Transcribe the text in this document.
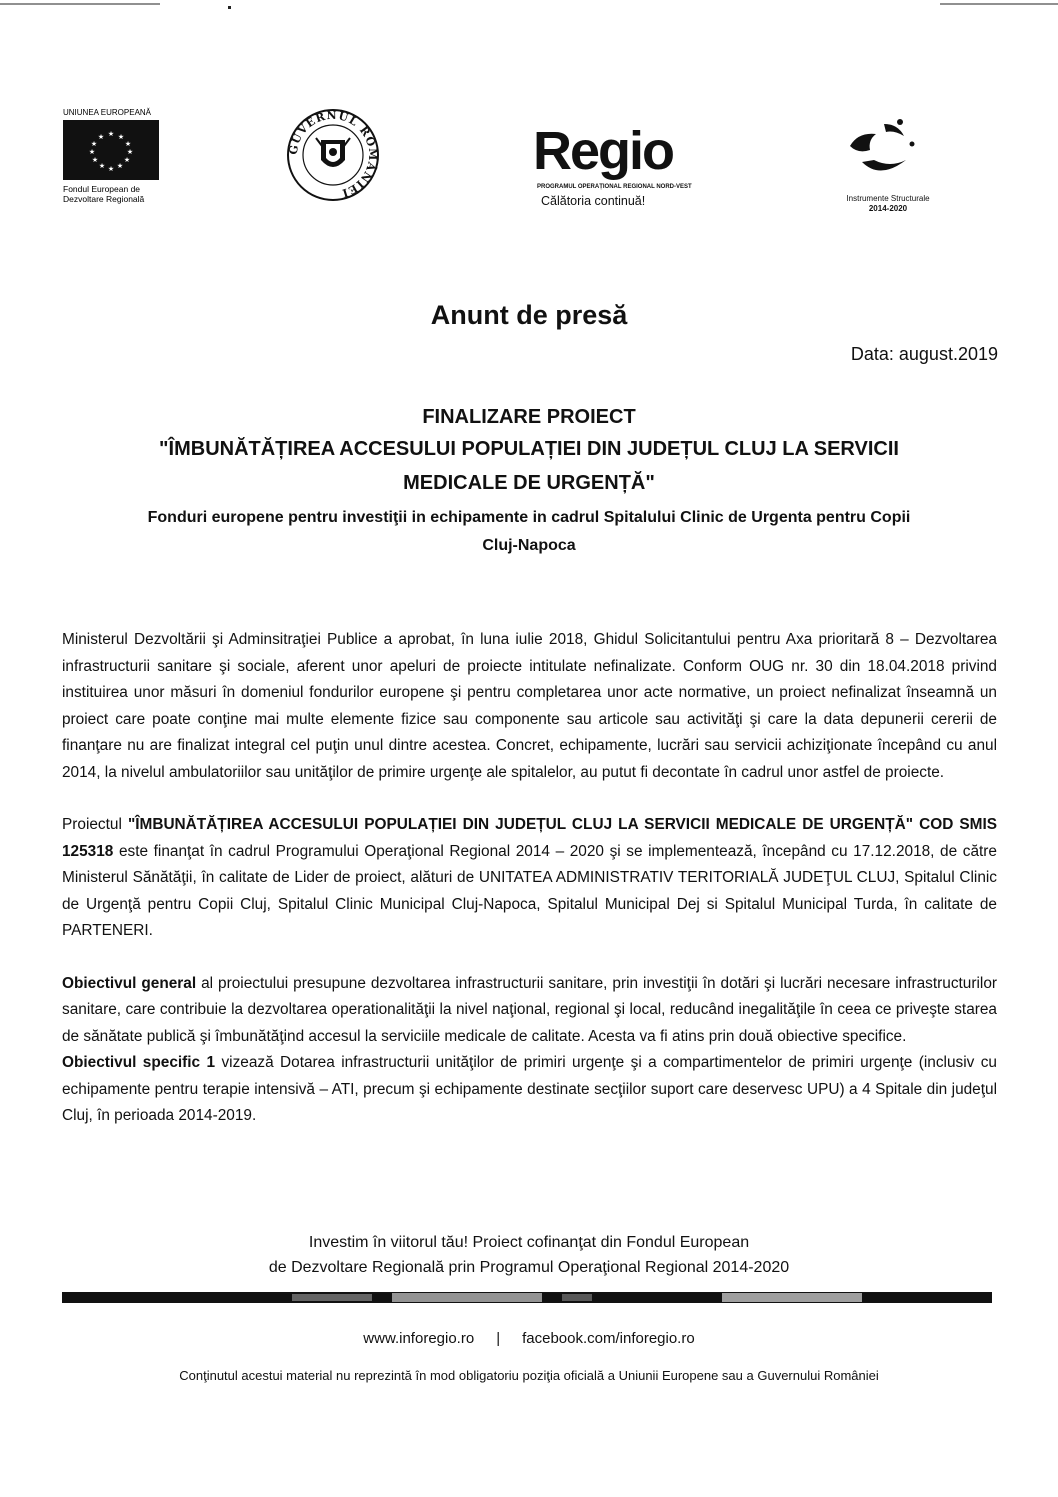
UNIUNEA EUROPEANĂ
★ ★
★
★
★
★
★
★
★
★
★
★
Fondul European de
Dezvoltare Regională
GUVERNUL ROMÂNIEI
Regio
PROGRAMUL OPERAȚIONAL REGIONAL NORD-VEST
Călătoria continuă!	Instrumente Structurale
2014-2020
Anunt de presă
Data: august.2019
FINALIZARE PROIECT
"ÎMBUNĂTĂȚIREA ACCESULUI POPULAȚIEI DIN JUDEȚUL CLUJ LA SERVICII
MEDICALE DE URGENȚĂ"
Fonduri europene pentru investiţii in echipamente in cadrul Spitalului Clinic de Urgenta pentru Copii
Cluj-Napoca

Ministerul Dezvoltării şi Adminsitraţiei Publice a aprobat, în luna iulie 2018, Ghidul Solicitantului pentru Axa prioritară 8 – Dezvoltarea infrastructurii sanitare şi sociale, aferent unor apeluri de proiecte intitulate nefinalizate. Conform OUG nr. 30 din 18.04.2018 privind instituirea unor măsuri în domeniul fondurilor europene şi pentru completarea unor acte normative, un proiect nefinalizat înseamnă un proiect care poate conţine mai multe elemente fizice sau componente sau articole sau activităţi şi care la data depunerii cererii de finanţare nu are finalizat integral cel puţin unul dintre acestea. Concret, echipamente, lucrări sau servicii achiziţionate începând cu anul 2014, la nivelul ambulatoriilor sau unităţilor de primire urgenţe ale spitalelor, au putut fi decontate în cadrul unor astfel de proiecte.

Proiectul "ÎMBUNĂTĂȚIREA ACCESULUI POPULAȚIEI DIN JUDEȚUL CLUJ LA SERVICII MEDICALE DE URGENȚĂ" COD SMIS 125318 este finanţat în cadrul Programului Operaţional Regional 2014 – 2020 şi se implementează, începând cu 17.12.2018, de către Ministerul Sănătăţii, în calitate de Lider de proiect, alături de UNITATEA ADMINISTRATIV TERITORIALĂ JUDEŢUL CLUJ, Spitalul Clinic de Urgenţă pentru Copii Cluj, Spitalul Clinic Municipal Cluj-Napoca, Spitalul Municipal Dej si Spitalul Municipal Turda, în calitate de PARTENERI.

Obiectivul general al proiectului presupune dezvoltarea infrastructurii sanitare, prin investiţii în dotări şi lucrări necesare infrastructurilor sanitare, care contribuie la dezvoltarea operationalităţii la nivel naţional, regional şi local, reducând inegalităţile în ceea ce priveşte starea de sănătate publică şi îmbunătăţind accesul la serviciile medicale de calitate. Acesta va fi atins prin două obiective specifice.

Obiectivul specific 1 vizează Dotarea infrastructurii unităţilor de primiri urgenţe şi a compartimentelor de primiri urgenţe (inclusiv cu echipamente pentru terapie intensivă – ATI, precum şi echipamente destinate secţiilor suport care deservesc UPU) a 4 Spitale din judeţul Cluj, în perioada 2014-2019.

Investim în viitorul tău! Proiect cofinanţat din Fondul European
de Dezvoltare Regională prin Programul Operaţional Regional 2014-2020
www.inforegio.ro | facebook.com/inforegio.ro
Conţinutul acestui material nu reprezintă în mod obligatoriu poziţia oficială a Uniunii Europene sau a Guvernului României
